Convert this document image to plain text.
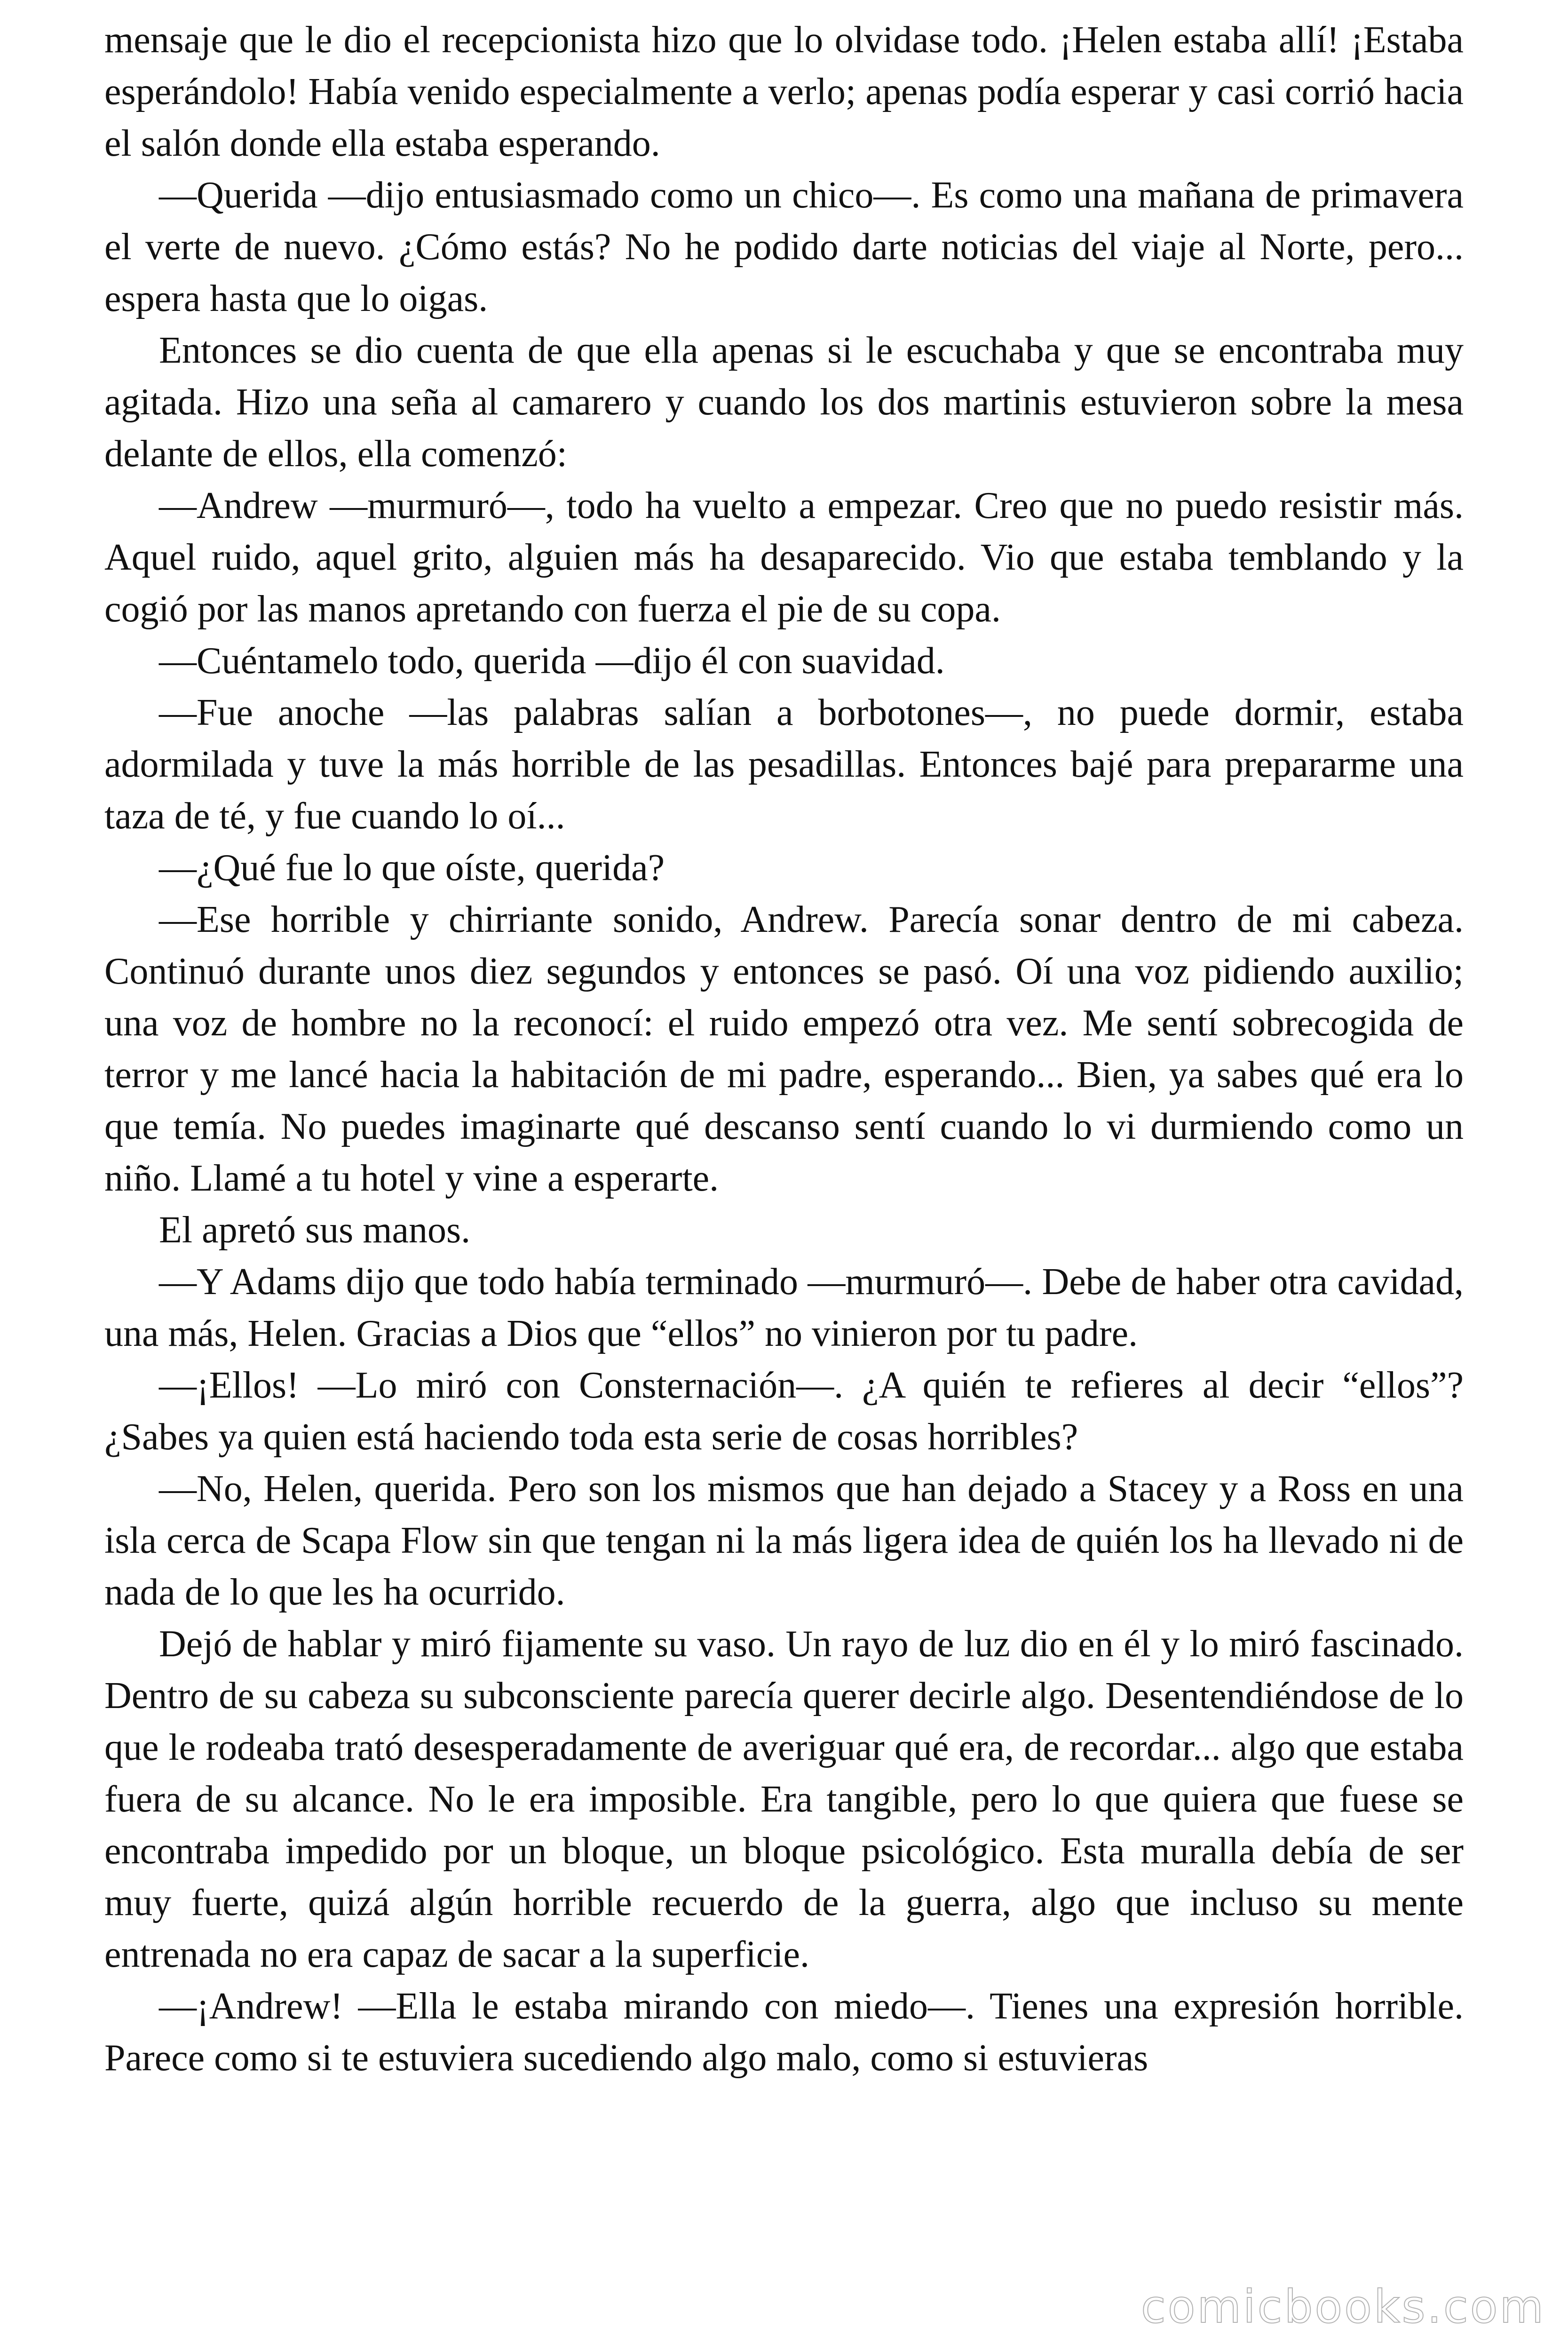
mensaje que le dio el recepcionista hizo que lo olvidase todo. ¡Helen estaba allí! ¡Estaba esperándolo! Había venido especialmente a verlo; apenas podía esperar y casi corrió hacia el salón donde ella estaba esperando.

—Querida —dijo entusiasmado como un chico—. Es como una mañana de primavera el verte de nuevo. ¿Cómo estás? No he podido darte noticias del viaje al Norte, pero... espera hasta que lo oigas.

Entonces se dio cuenta de que ella apenas si le escuchaba y que se encontraba muy agitada. Hizo una seña al camarero y cuando los dos martinis estuvieron sobre la mesa delante de ellos, ella comenzó:

—Andrew —murmuró—, todo ha vuelto a empezar. Creo que no puedo resistir más. Aquel ruido, aquel grito, alguien más ha desaparecido. Vio que estaba temblando y la cogió por las manos apretando con fuerza el pie de su copa.

—Cuéntamelo todo, querida —dijo él con suavidad.

—Fue anoche —las palabras salían a borbotones—, no puede dormir, estaba adormilada y tuve la más horrible de las pesadillas. Entonces bajé para prepararme una taza de té, y fue cuando lo oí...

—¿Qué fue lo que oíste, querida?

—Ese horrible y chirriante sonido, Andrew. Parecía sonar dentro de mi cabeza. Continuó durante unos diez segundos y entonces se pasó. Oí una voz pidiendo auxilio; una voz de hombre no la reconocí: el ruido empezó otra vez. Me sentí sobrecogida de terror y me lancé hacia la habitación de mi padre, esperando... Bien, ya sabes qué era lo que temía. No puedes imaginarte qué descanso sentí cuando lo vi durmiendo como un niño. Llamé a tu hotel y vine a esperarte.

El apretó sus manos.

—Y Adams dijo que todo había terminado —murmuró—. Debe de haber otra cavidad, una más, Helen. Gracias a Dios que “ellos” no vinieron por tu padre.

—¡Ellos! —Lo miró con Consternación—. ¿A quién te refieres al decir “ellos”? ¿Sabes ya quien está haciendo toda esta serie de cosas horribles?

—No, Helen, querida. Pero son los mismos que han dejado a Stacey y a Ross en una isla cerca de Scapa Flow sin que tengan ni la más ligera idea de quién los ha llevado ni de nada de lo que les ha ocurrido.

Dejó de hablar y miró fijamente su vaso. Un rayo de luz dio en él y lo miró fascinado. Dentro de su cabeza su subconsciente parecía querer decirle algo. Desentendiéndose de lo que le rodeaba trató desesperadamente de averiguar qué era, de recordar... algo que estaba fuera de su alcance. No le era imposible. Era tangible, pero lo que quiera que fuese se encontraba impedido por un bloque, un bloque psicológico. Esta muralla debía de ser muy fuerte, quizá algún horrible recuerdo de la guerra, algo que incluso su mente entrenada no era capaz de sacar a la superficie.

—¡Andrew! —Ella le estaba mirando con miedo—. Tienes una expresión horrible. Parece como si te estuviera sucediendo algo malo, como si estuvieras

comicbooks.com
